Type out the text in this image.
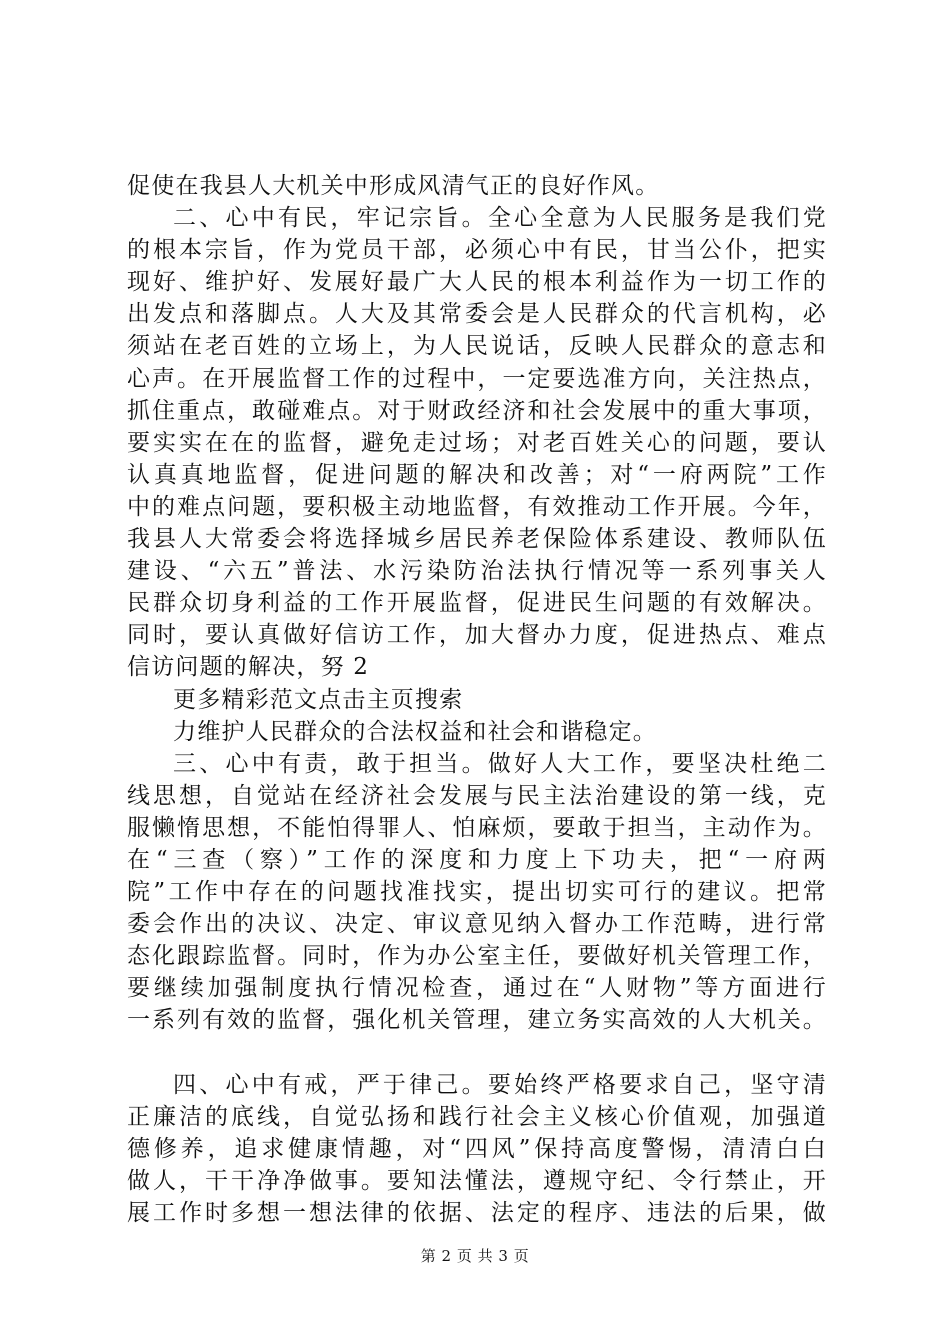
促使在我县人大机关中形成风清气正的良好作风。
二、心中有民，牢记宗旨。全心全意为人民服务是我们党
的根本宗旨，作为党员干部，必须心中有民，甘当公仆，把实
现好、维护好、发展好最广大人民的根本利益作为一切工作的
出发点和落脚点。人大及其常委会是人民群众的代言机构，必
须站在老百姓的立场上，为人民说话，反映人民群众的意志和
心声。在开展监督工作的过程中，一定要选准方向，关注热点，
抓住重点，敢碰难点。对于财政经济和社会发展中的重大事项，
要实实在在的监督，避免走过场；对老百姓关心的问题，要认
认真真地监督，促进问题的解决和改善；对“一府两院”工作
中的难点问题，要积极主动地监督，有效推动工作开展。今年，
我县人大常委会将选择城乡居民养老保险体系建设、教师队伍
建设、“六五”普法、水污染防治法执行情况等一系列事关人
民群众切身利益的工作开展监督，促进民生问题的有效解决。
同时，要认真做好信访工作，加大督办力度，促进热点、难点
信访问题的解决，努 2
更多精彩范文点击主页搜索
力维护人民群众的合法权益和社会和谐稳定。
三、心中有责，敢于担当。做好人大工作，要坚决杜绝二
线思想，自觉站在经济社会发展与民主法治建设的第一线，克
服懒惰思想，不能怕得罪人、怕麻烦，要敢于担当，主动作为。
在“三查（察）”工作的深度和力度上下功夫，把“一府两
院”工作中存在的问题找准找实，提出切实可行的建议。把常
委会作出的决议、决定、审议意见纳入督办工作范畴，进行常
态化跟踪监督。同时，作为办公室主任，要做好机关管理工作，
要继续加强制度执行情况检查，通过在“人财物”等方面进行
一系列有效的监督，强化机关管理，建立务实高效的人大机关。
四、心中有戒，严于律己。要始终严格要求自己，坚守清
正廉洁的底线，自觉弘扬和践行社会主义核心价值观，加强道
德修养，追求健康情趣，对“四风”保持高度警惕，清清白白
做人，干干净净做事。要知法懂法，遵规守纪、令行禁止，开
展工作时多想一想法律的依据、法定的程序、违法的后果，做
第 2 页 共 3 页
